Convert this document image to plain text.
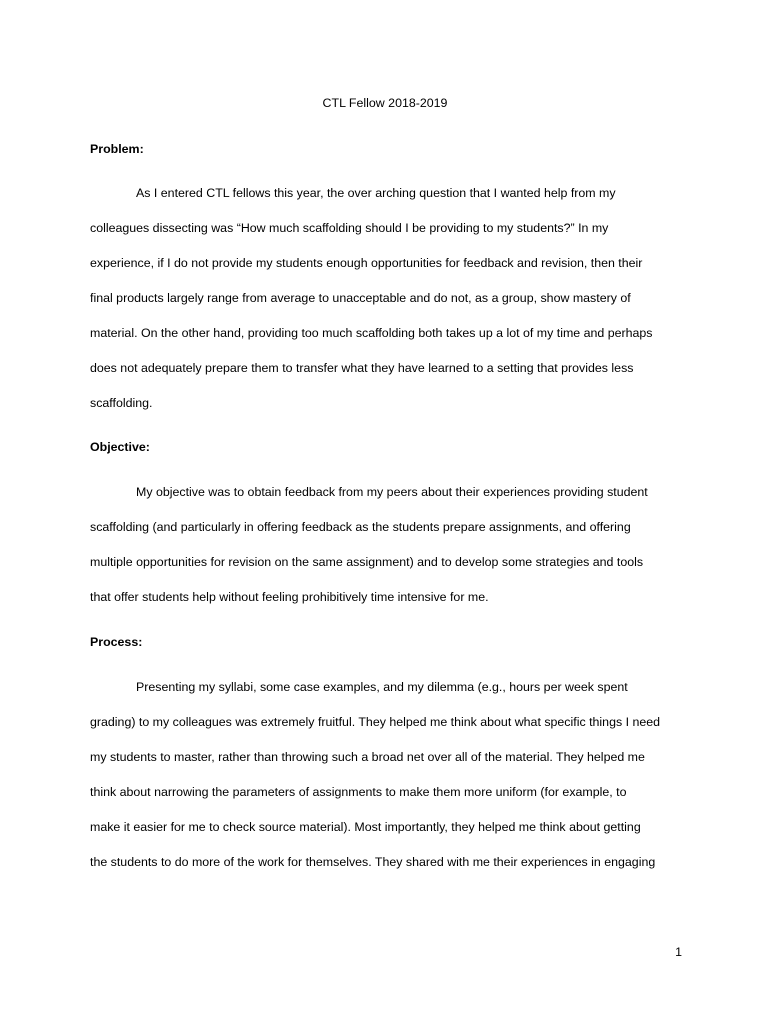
CTL Fellow 2018-2019
Problem:
As I entered CTL fellows this year, the over arching question that I wanted help from my
colleagues dissecting was “How much scaffolding should I be providing to my students?” In my
experience, if I do not provide my students enough opportunities for feedback and revision, then their
final products largely range from average to unacceptable and do not, as a group, show mastery of
material. On the other hand, providing too much scaffolding both takes up a lot of my time and perhaps
does not adequately prepare them to transfer what they have learned to a setting that provides less
scaffolding.
Objective:
My objective was to obtain feedback from my peers about their experiences providing student
scaffolding (and particularly in offering feedback as the students prepare assignments, and offering
multiple opportunities for revision on the same assignment) and to develop some strategies and tools
that offer students help without feeling prohibitively time intensive for me.
Process:
Presenting my syllabi, some case examples, and my dilemma (e.g., hours per week spent
grading) to my colleagues was extremely fruitful. They helped me think about what specific things I need
my students to master, rather than throwing such a broad net over all of the material. They helped me
think about narrowing the parameters of assignments to make them more uniform (for example, to
make it easier for me to check source material). Most importantly, they helped me think about getting
the students to do more of the work for themselves. They shared with me their experiences in engaging
1
